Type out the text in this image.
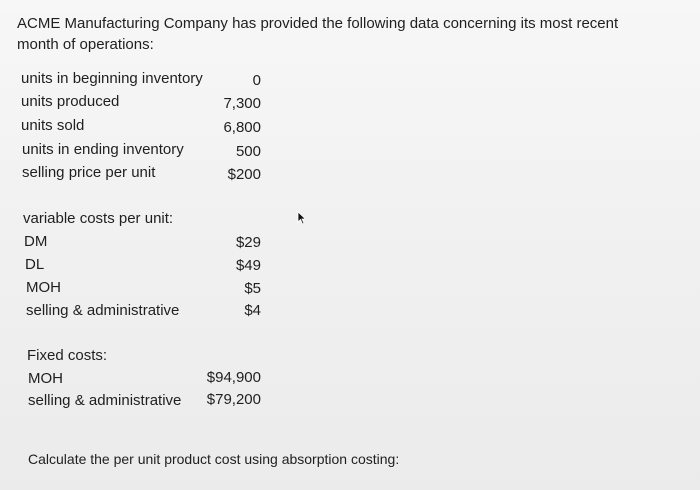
ACME Manufacturing Company has provided the following data concerning its most recent month of operations:
units in beginning inventory	0
units produced	7,300
units sold	6,800
units in ending inventory	500
selling price per unit	$200
variable costs per unit:
DM	$29
DL	$49
MOH	$5
selling & administrative	$4
Fixed costs:
MOH	$94,900
selling & administrative	$79,200
Calculate the per unit product cost using absorption costing:
